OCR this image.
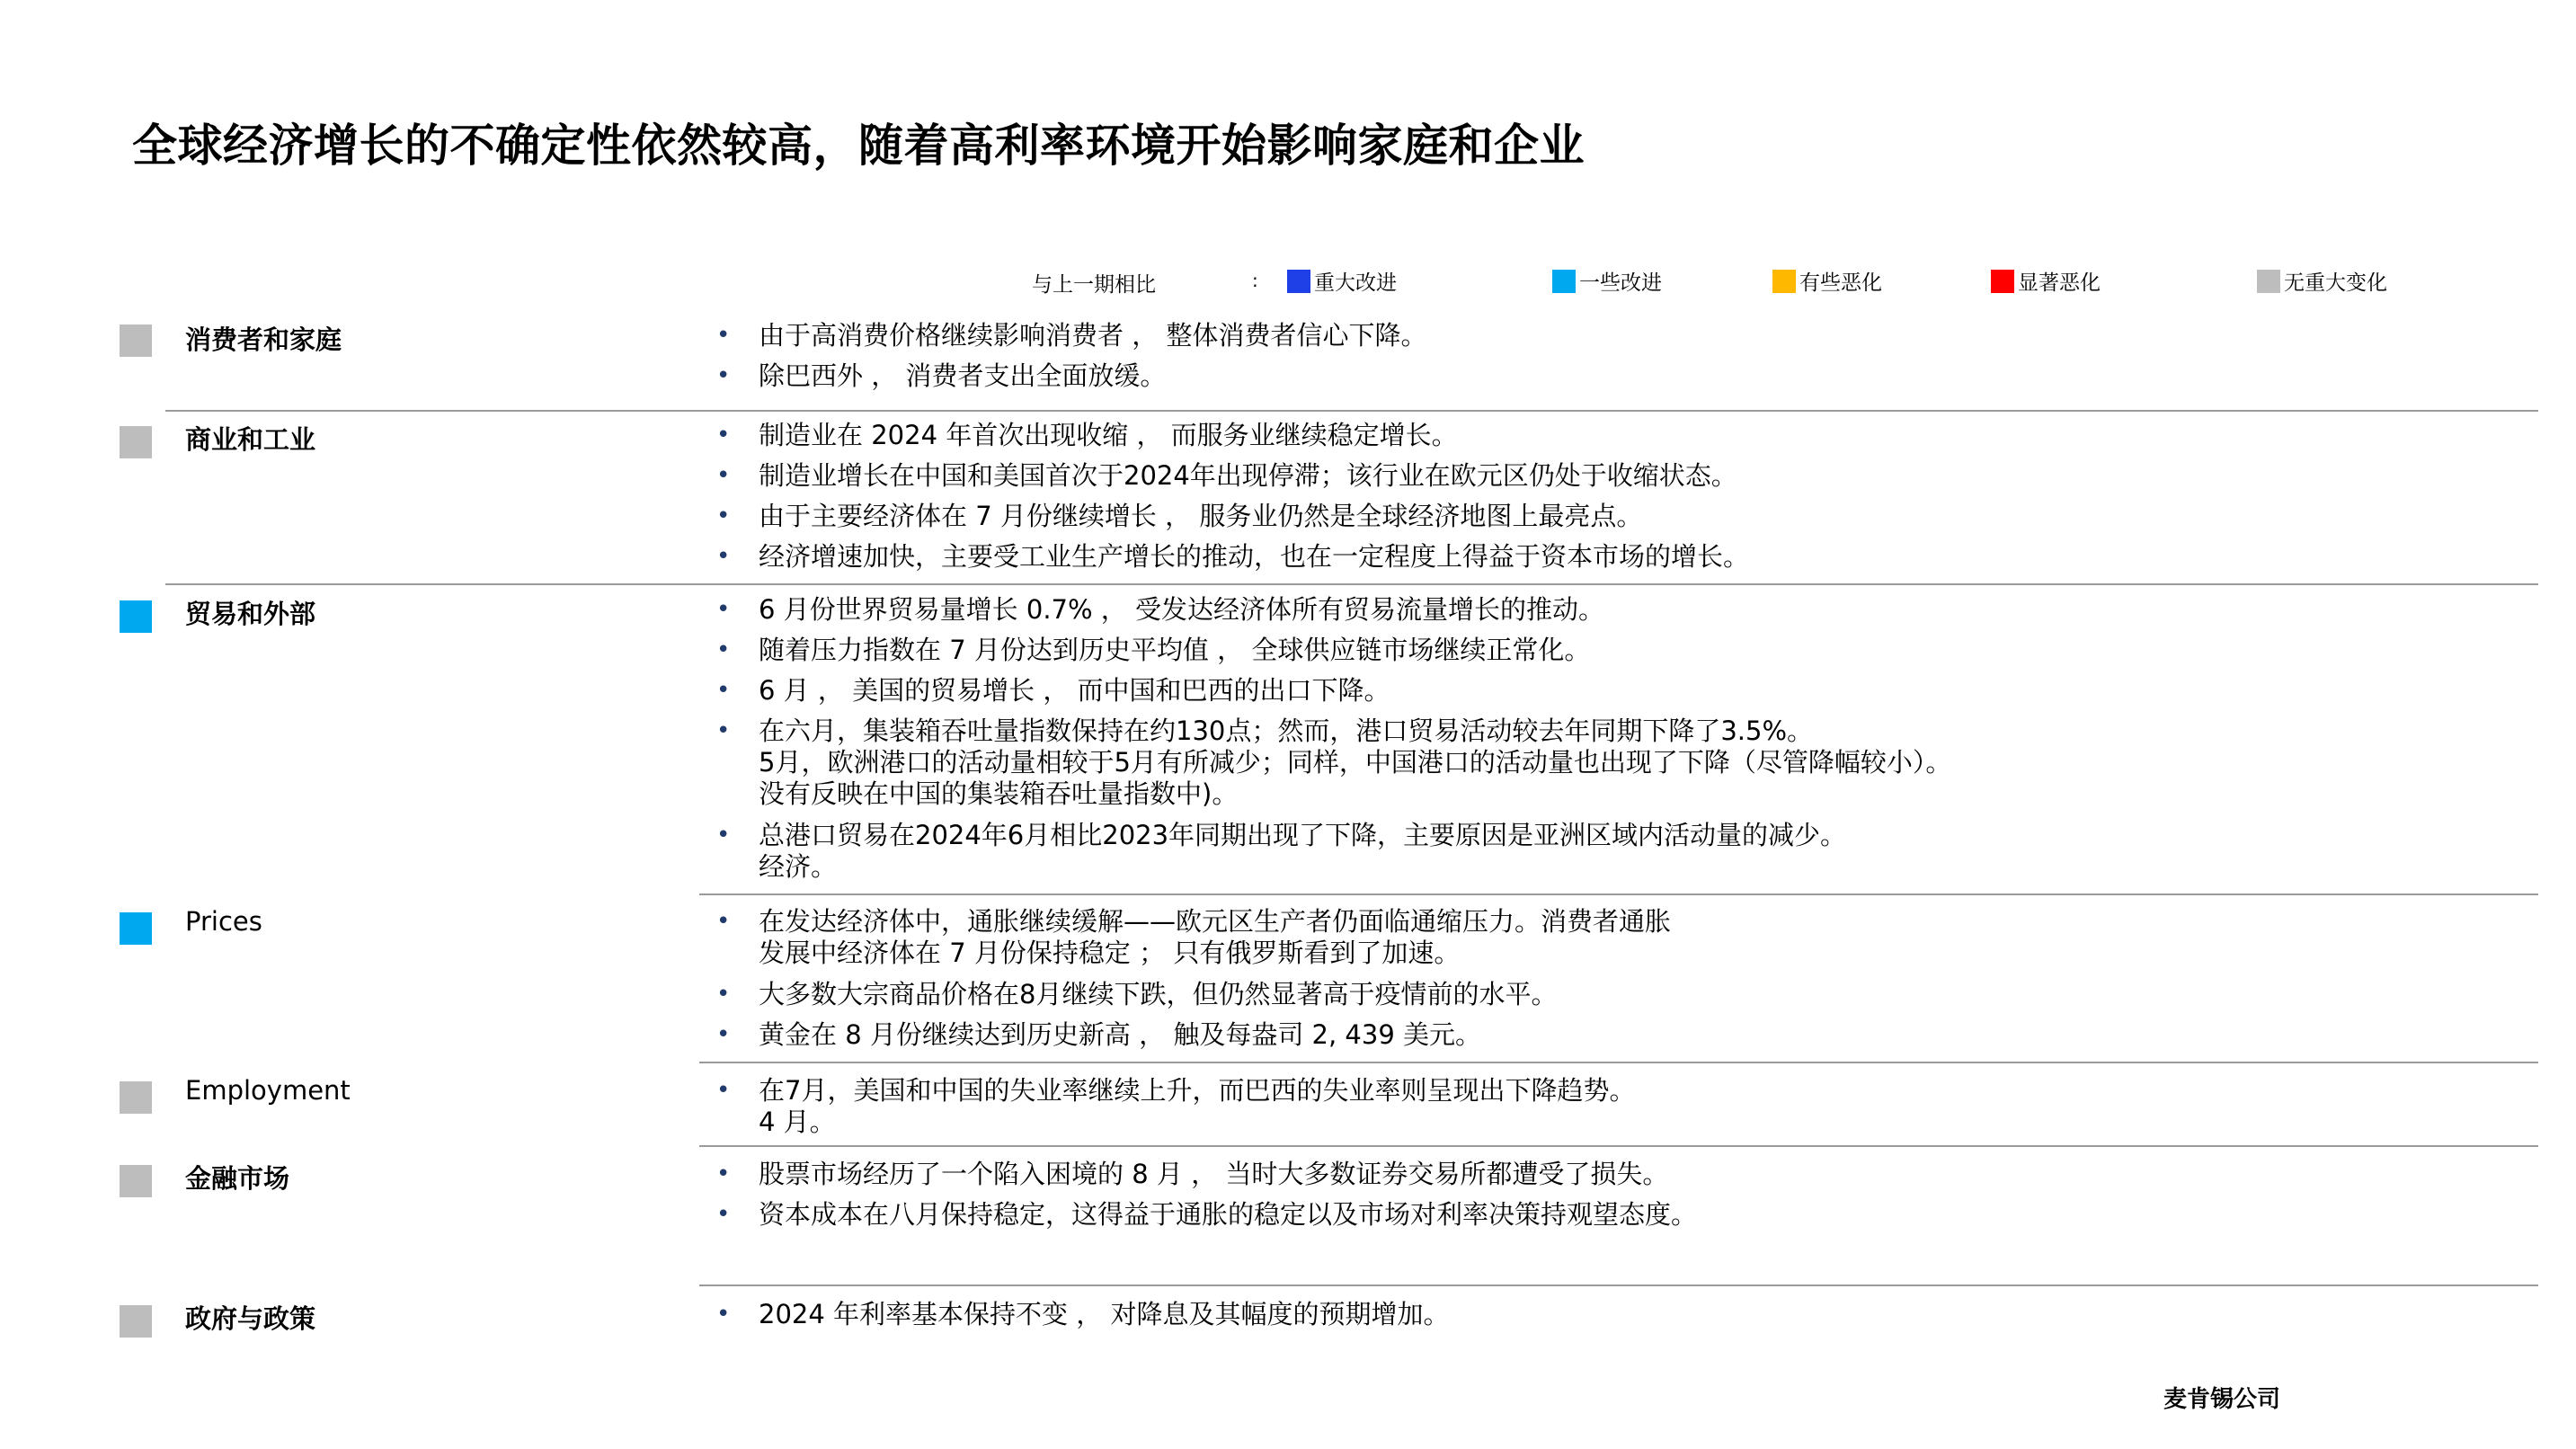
全球经济增长的不确定性依然较高，随着高利率环境开始影响家庭和企业
与上一期相比	:	重大改进	一些改进	有些恶化	显著恶化	无重大变化
消费者和家庭	• 由于高消费价格继续影响消费者 ， 整体消费者信心下降。
• 除巴西外 ， 消费者支出全面放缓。
商业和工业	• 制造业在 2024 年首次出现收缩 ， 而服务业继续稳定增长。
• 制造业增长在中国和美国首次于2024年出现停滞；该行业在欧元区仍处于收缩状态。
• 由于主要经济体在 7 月份继续增长 ， 服务业仍然是全球经济地图上最亮点。
• 经济增速加快，主要受工业生产增长的推动，也在一定程度上得益于资本市场的增长。
贸易和外部	• 6 月份世界贸易量增长 0.7% ， 受发达经济体所有贸易流量增长的推动。
• 随着压力指数在 7 月份达到历史平均值 ， 全球供应链市场继续正常化。
• 6 月 ， 美国的贸易增长 ， 而中国和巴西的出口下降。
• 在六月，集装箱吞吐量指数保持在约130点；然而，港口贸易活动较去年同期下降了3.5%。
5月，欧洲港口的活动量相较于5月有所减少；同样，中国港口的活动量也出现了下降（尽管降幅较小）。
没有反映在中国的集装箱吞吐量指数中)。
• 总港口贸易在2024年6月相比2023年同期出现了下降，主要原因是亚洲区域内活动量的减少。
经济。
Prices	• 在发达经济体中，通胀继续缓解——欧元区生产者仍面临通缩压力。消费者通胀
发展中经济体在 7 月份保持稳定 ； 只有俄罗斯看到了加速。
• 大多数大宗商品价格在8月继续下跌，但仍然显著高于疫情前的水平。
• 黄金在 8 月份继续达到历史新高 ， 触及每盎司 2, 439 美元。
Employment	• 在7月，美国和中国的失业率继续上升，而巴西的失业率则呈现出下降趋势。
4 月。
金融市场	• 股票市场经历了一个陷入困境的 8 月 ， 当时大多数证券交易所都遭受了损失。
• 资本成本在八月保持稳定，这得益于通胀的稳定以及市场对利率决策持观望态度。
政府与政策	• 2024 年利率基本保持不变 ， 对降息及其幅度的预期增加。
麦肯锡公司
